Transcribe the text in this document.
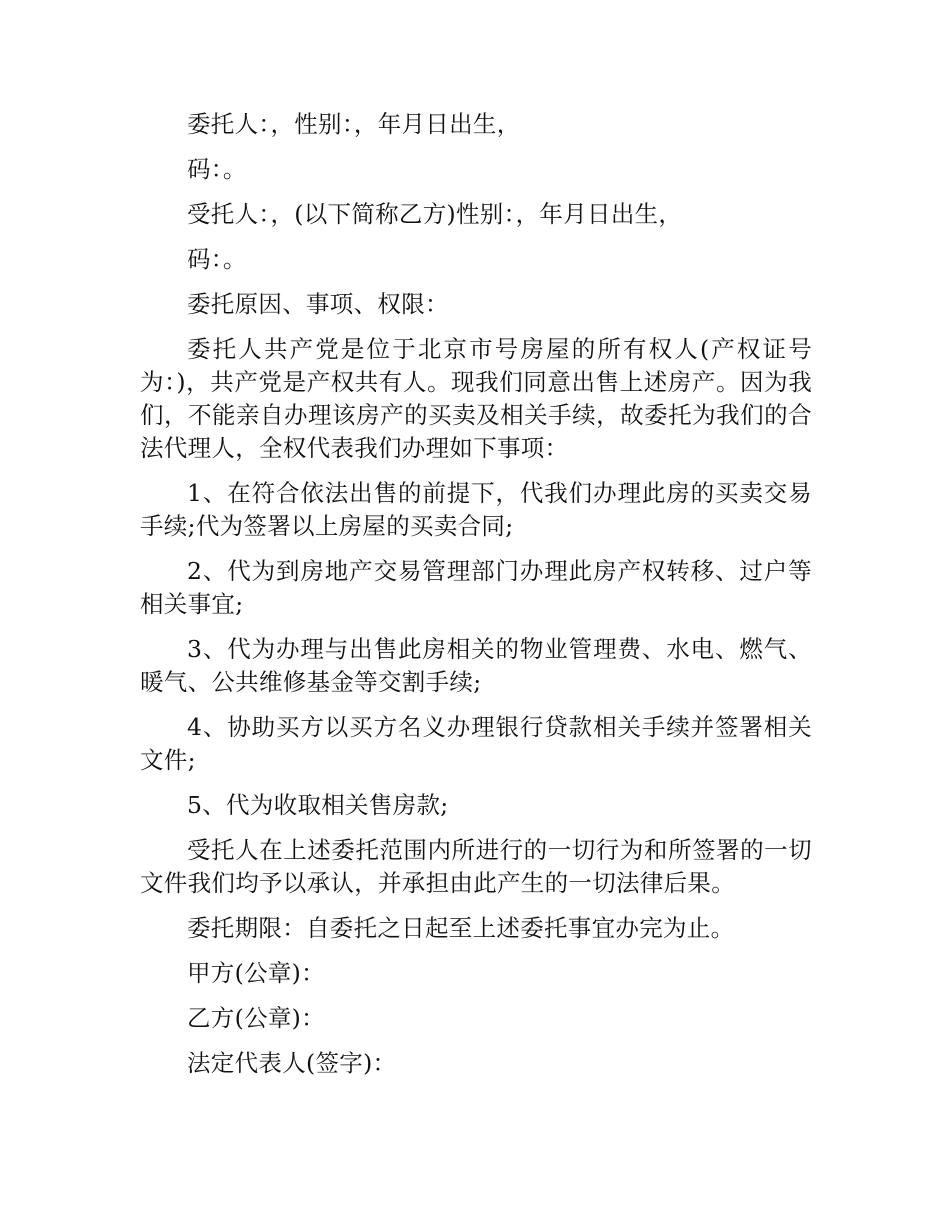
委托人：，性别：，年月日出生，

码：。

受托人：，(以下简称乙方)性别：，年月日出生，

码：。

委托原因、事项、权限：

委托人共产党是位于北京市号房屋的所有权人(产权证号为：)，共产党是产权共有人。现我们同意出售上述房产。因为我们，不能亲自办理该房产的买卖及相关手续，故委托为我们的合法代理人，全权代表我们办理如下事项：

1、在符合依法出售的前提下，代我们办理此房的买卖交易手续;代为签署以上房屋的买卖合同;

2、代为到房地产交易管理部门办理此房产权转移、过户等相关事宜;

3、代为办理与出售此房相关的物业管理费、水电、燃气、暖气、公共维修基金等交割手续;

4、协助买方以买方名义办理银行贷款相关手续并签署相关文件;

5、代为收取相关售房款;

受托人在上述委托范围内所进行的一切行为和所签署的一切文件我们均予以承认，并承担由此产生的一切法律后果。

委托期限：自委托之日起至上述委托事宜办完为止。

甲方(公章)：

乙方(公章)：

法定代表人(签字)：
